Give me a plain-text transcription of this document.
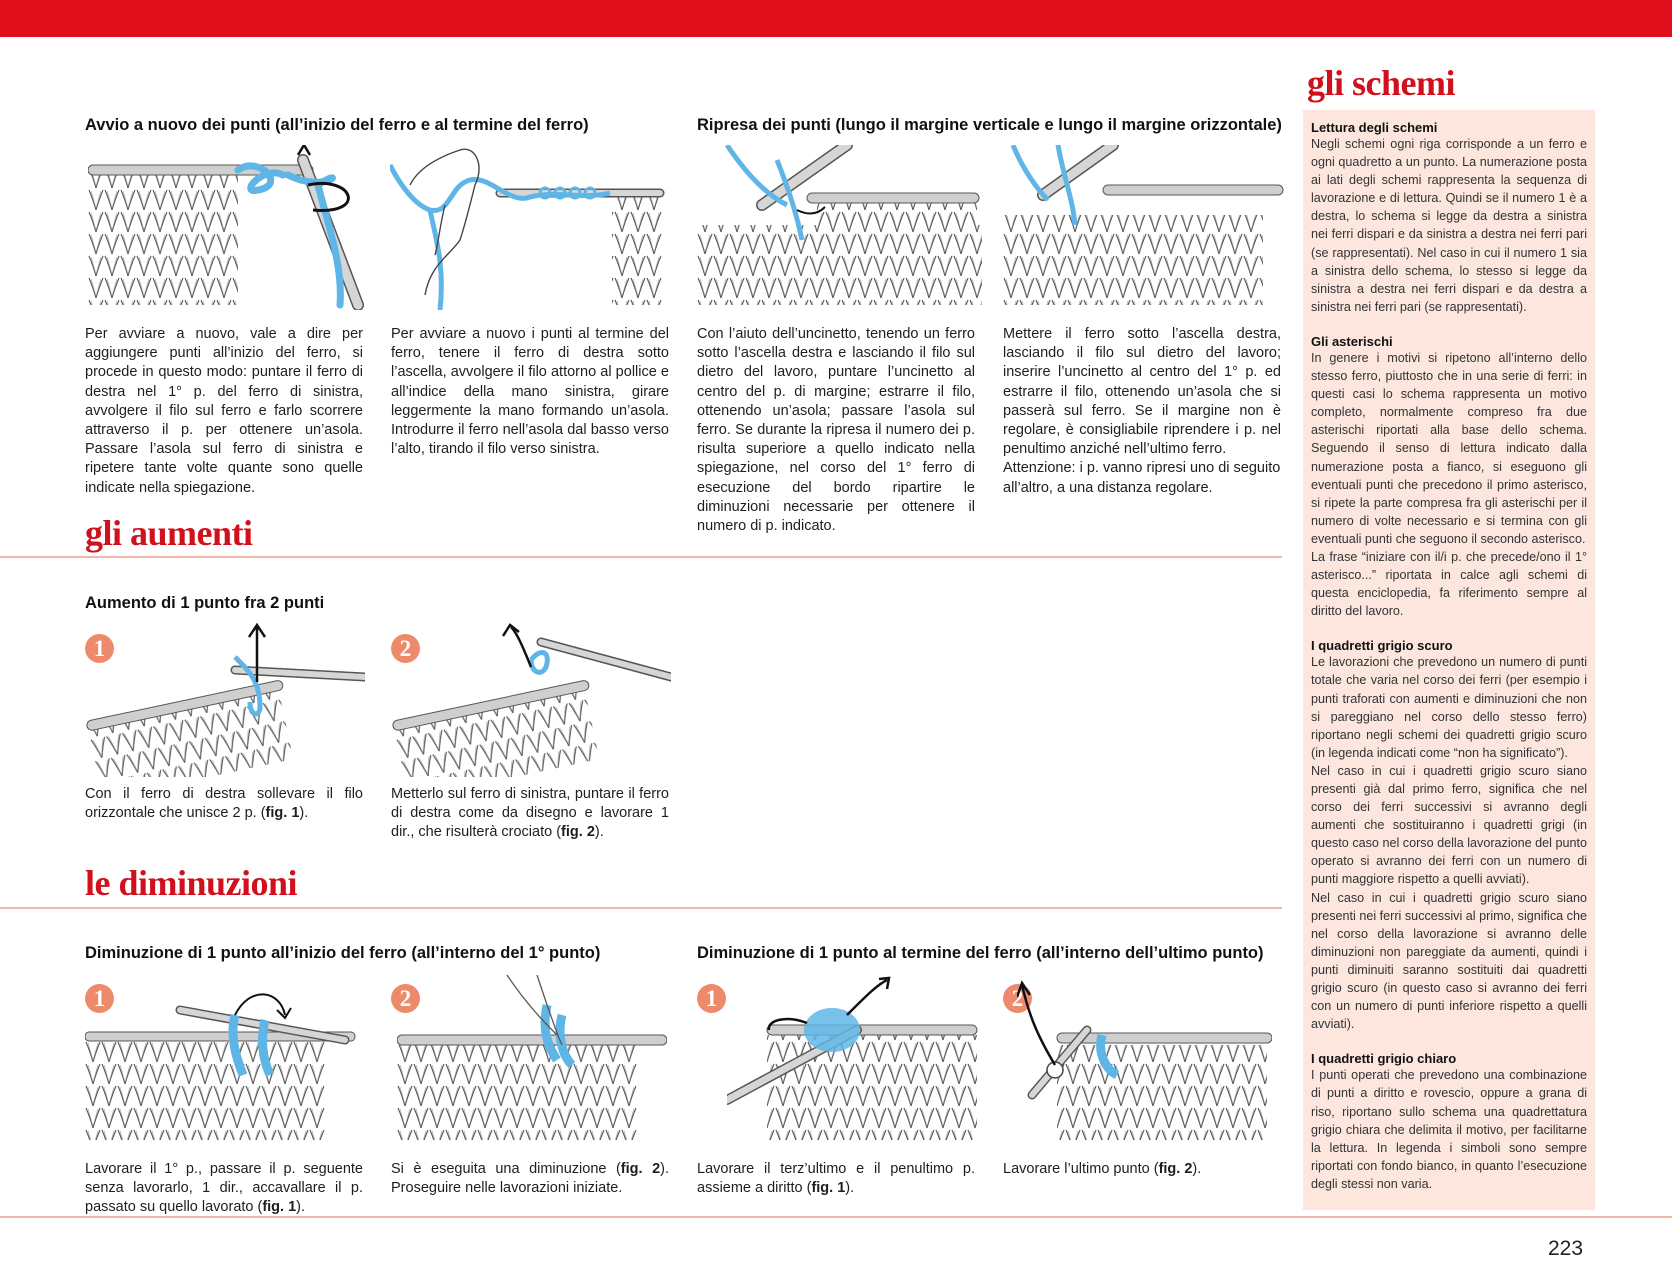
Avvio a nuovo dei punti (all’inizio del ferro e al termine del ferro)
Per avviare a nuovo, vale a dire per aggiungere punti all’inizio del ferro, si procede in questo modo: puntare il ferro di destra nel 1° p. del ferro di sinistra, avvolgere il filo sul ferro e farlo scorrere attraverso il p. per ottenere un’asola. Passare l’asola sul ferro di sinistra e ripetere tante volte quante sono quelle indicate nella spiegazione.
Per avviare a nuovo i punti al termine del ferro, tenere il ferro di destra sotto l’ascella, avvolgere il filo attorno al pollice e all’indice della mano sinistra, girare leggermente la mano formando un’asola. Introdurre il ferro nell’asola dal basso verso l’alto, tirando il filo verso sinistra.
Ripresa dei punti (lungo il margine verticale e lungo il margine orizzontale)
Con l’aiuto dell’uncinetto, tenendo un ferro sotto l’ascella destra e lasciando il filo sul dietro del lavoro, puntare l’uncinetto al centro del p. di margine; estrarre il filo, ottenendo un’asola; passare l’asola sul ferro. Se durante la ripresa il numero dei p. risulta superiore a quello indicato nella spiegazione, nel corso del 1° ferro di esecuzione del bordo ripartire le diminuzioni necessarie per ottenere il numero di p. indicato.
Mettere il ferro sotto l’ascella destra, lasciando il filo sul dietro del lavoro; inserire l’uncinetto al centro del 1° p. ed estrarre il filo, ottenendo un’asola che si passerà sul ferro. Se il margine non è regolare, è consigliabile riprendere i p. nel penultimo anziché nell’ultimo ferro.

Attenzione: i p. vanno ripresi uno di seguito all’altro, a una distanza regolare.
gli aumenti
Aumento di 1 punto fra 2 punti
1	2
Con il ferro di destra sollevare il filo orizzontale che unisce 2 p. (fig. 1).
Metterlo sul ferro di sinistra, puntare il ferro di destra come da disegno e lavorare 1 dir., che risulterà crociato (fig. 2).
le diminuzioni
Diminuzione di 1 punto all’inizio del ferro (all’interno del 1° punto)	Diminuzione di 1 punto al termine del ferro (all’interno dell’ultimo punto)
1	2	1	2
Lavorare il 1° p., passare il p. seguente senza lavorarlo, 1 dir., accavallare il p. passato su quello lavorato (fig. 1).
Si è eseguita una diminuzione (fig. 2). Proseguire nelle lavorazioni iniziate.
Lavorare il terz’ultimo e il penultimo p. assieme a diritto (fig. 1).
Lavorare l’ultimo punto (fig. 2).
gli schemi
Lettura degli schemi
Negli schemi ogni riga corrisponde a un ferro e ogni quadretto a un punto. La numerazione posta ai lati degli schemi rappresenta la sequenza di lavorazione e di lettura. Quindi se il numero 1 è a destra, lo schema si legge da destra a sinistra nei ferri dispari e da sinistra a destra nei ferri pari (se rappresentati). Nel caso in cui il numero 1 sia a sinistra dello schema, lo stesso si legge da sinistra a destra nei ferri dispari e da destra a sinistra nei ferri pari (se rappresentati).
Gli asterischi
In genere i motivi si ripetono all’interno dello stesso ferro, piuttosto che in una serie di ferri: in questi casi lo schema rappresenta un motivo completo, normalmente compreso fra due asterischi riportati alla base dello schema. Seguendo il senso di lettura indicato dalla numerazione posta a fianco, si eseguono gli eventuali punti che precedono il primo asterisco, si ripete la parte compresa fra gli asterischi per il numero di volte necessario e si termina con gli eventuali punti che seguono il secondo asterisco.
La frase “iniziare con il/i p. che precede/ono il 1° asterisco...” riportata in calce agli schemi di questa enciclopedia, fa riferimento sempre al diritto del lavoro.
I quadretti grigio scuro
Le lavorazioni che prevedono un numero di punti totale che varia nel corso dei ferri (per esempio i punti traforati con aumenti e diminuzioni che non si pareggiano nel corso dello stesso ferro) riportano negli schemi dei quadretti grigio scuro (in legenda indicati come “non ha significato”).
Nel caso in cui i quadretti grigio scuro siano presenti già dal primo ferro, significa che nel corso dei ferri successivi si avranno degli aumenti che sostituiranno i quadretti grigi (in questo caso nel corso della lavorazione del punto operato si avranno dei ferri con un numero di punti maggiore rispetto a quelli avviati).
Nel caso in cui i quadretti grigio scuro siano presenti nei ferri successivi al primo, significa che nel corso della lavorazione si avranno delle diminuzioni non pareggiate da aumenti, quindi i punti diminuiti saranno sostituiti dai quadretti grigio scuro (in questo caso si avranno dei ferri con un numero di punti inferiore rispetto a quelli avviati).
I quadretti grigio chiaro
I punti operati che prevedono una combinazione di punti a diritto e rovescio, oppure a grana di riso, riportano sullo schema una quadrettatura grigio chiara che delimita il motivo, per facilitarne la lettura. In legenda i simboli sono sempre riportati con fondo bianco, in quanto l’esecuzione degli stessi non varia.
223
